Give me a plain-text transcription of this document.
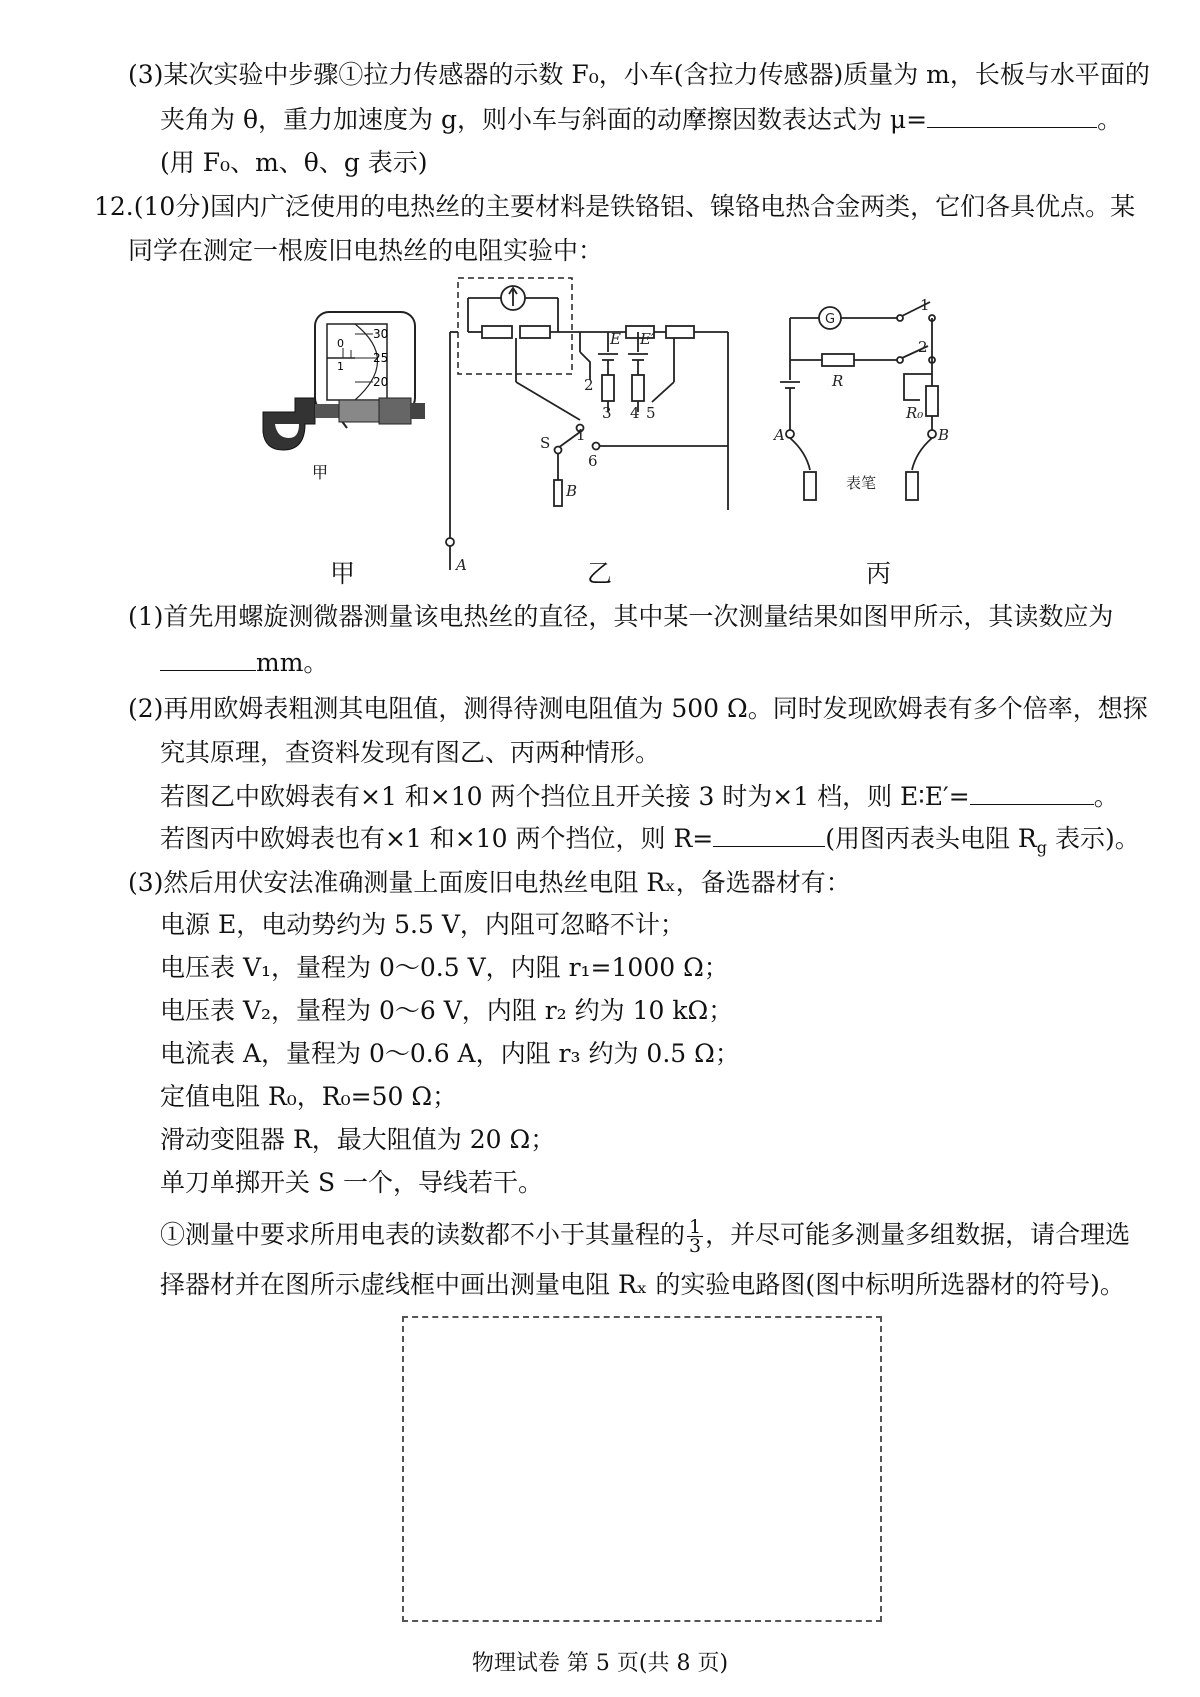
(3)某次实验中步骤①拉力传感器的示数 F₀，小车(含拉力传感器)质量为 m，长板与水平面的
夹角为 θ，重力加速度为 g，则小车与斜面的动摩擦因数表达式为 μ=	。
(用 F₀、m、θ、g 表示)
12.(10分)国内广泛使用的电热丝的主要材料是铁铬铝、镍铬电热合金两类，它们各具优点。某
同学在测定一根废旧电热丝的电阻实验中：
0
1
30
25
20
甲
E E′
2
1
3 4 5
S
6
B
A
G
1
2
R
R₀
A	B
表笔
甲	乙	丙
(1)首先用螺旋测微器测量该电热丝的直径，其中某一次测量结果如图甲所示，其读数应为
mm。
(2)再用欧姆表粗测其电阻值，测得待测电阻值为 500 Ω。同时发现欧姆表有多个倍率，想探
究其原理，查资料发现有图乙、丙两种情形。
若图乙中欧姆表有×1 和×10 两个挡位且开关接 3 时为×1 档，则 E∶E′=	。
若图丙中欧姆表也有×1 和×10 两个挡位，则 R=	(用图丙表头电阻 $R_g$ 表示)。
(3)然后用伏安法准确测量上面废旧电热丝电阻 Rₓ，备选器材有：
电源 E，电动势约为 5.5 V，内阻可忽略不计；
电压表 V₁，量程为 0～0.5 V，内阻 r₁=1000 Ω；
电压表 V₂，量程为 0～6 V，内阻 r₂ 约为 10 kΩ；
电流表 A，量程为 0～0.6 A，内阻 r₃ 约为 0.5 Ω；
定值电阻 R₀，R₀=50 Ω；
滑动变阻器 R，最大阻值为 20 Ω；
单刀单掷开关 S 一个，导线若干。
①测量中要求所用电表的读数都不小于其量程的 $\frac{1}{3}$ ，并尽可能多测量多组数据，请合理选
择器材并在图所示虚线框中画出测量电阻 Rₓ 的实验电路图(图中标明所选器材的符号)。
物理试卷 第 5 页(共 8 页)
